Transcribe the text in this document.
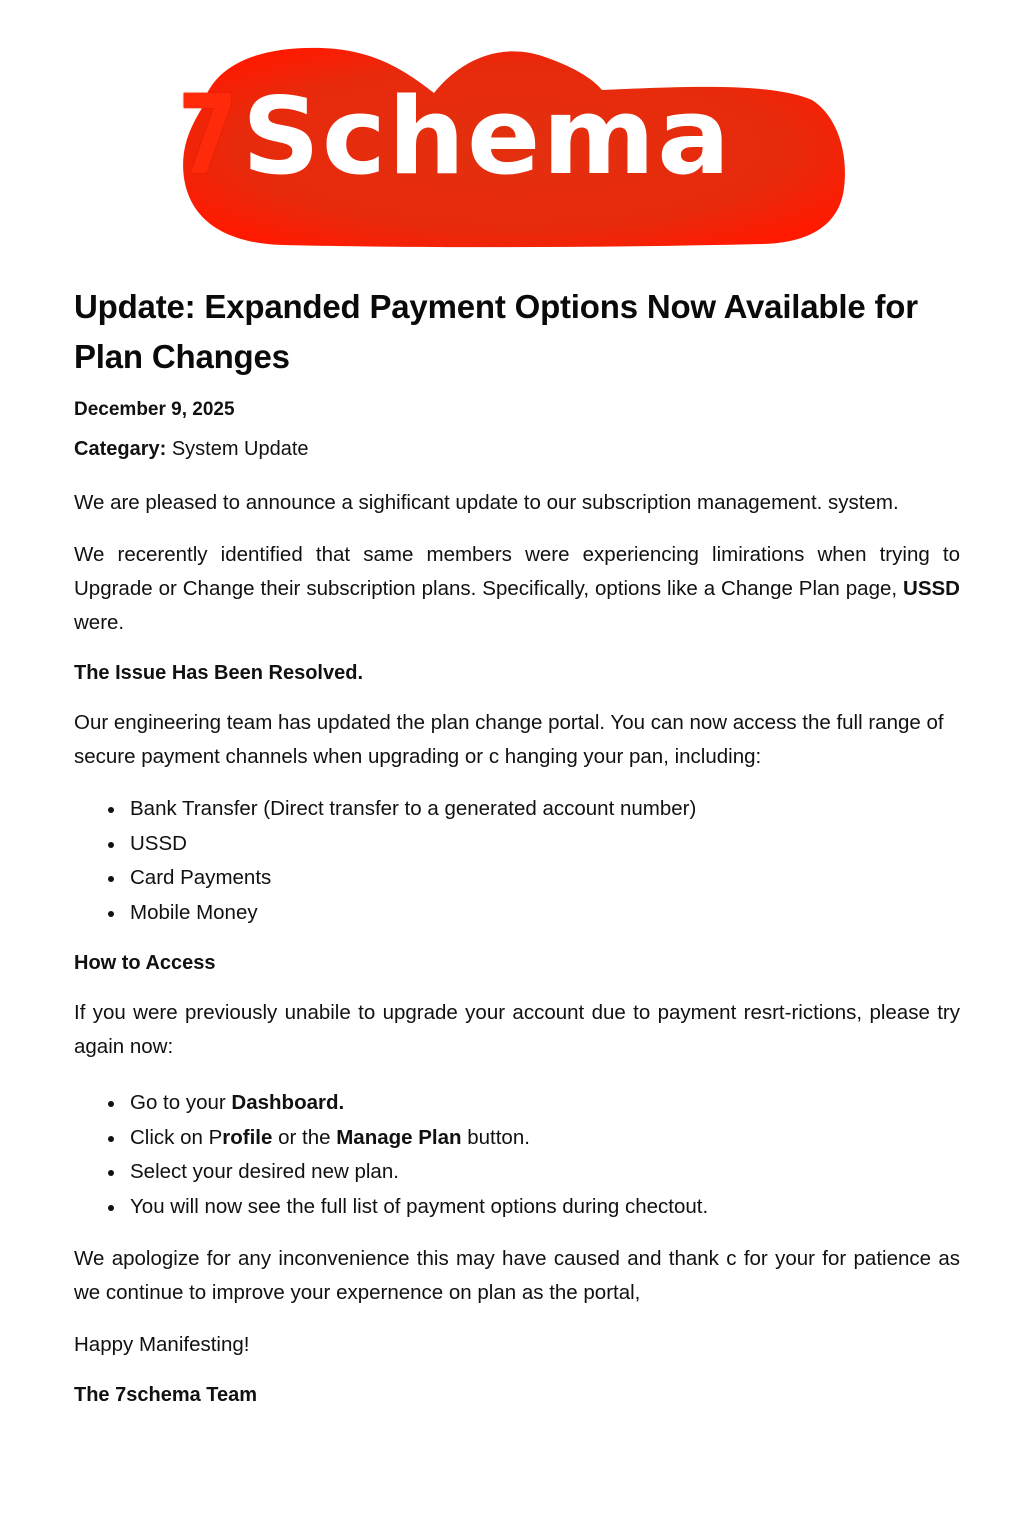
7 Schema
Update: Expanded Payment Options Now Available for Plan Changes
December 9, 2025
Categary: System Update

We are pleased to announce a sighificant update to our subscription management. system.

We recerently identified that same members were experiencing limirations when trying to Upgrade or Change their subscription plans. Specifically, options like a Change Plan page, USSD were.

The Issue Has Been Resolved.

Our engineering team has updated the plan change portal. You can now access the full range of secure payment channels when upgrading or c hanging your pan, including:

Bank Transfer (Direct transfer to a generated account number)
USSD
Card Payments
Mobile Money
How to Access

If you were previously unabile to upgrade your account due to payment resrt-rictions, please try again now:

Go to your Dashboard.
Click on Profile or the Manage Plan button.
Select your desired new plan.
You will now see the full list of payment options during chectout.

We apologize for any inconvenience this may have caused and thank c for your for patience as we continue to improve your expernence on plan as the portal,

Happy Manifesting!

The 7schema Team
